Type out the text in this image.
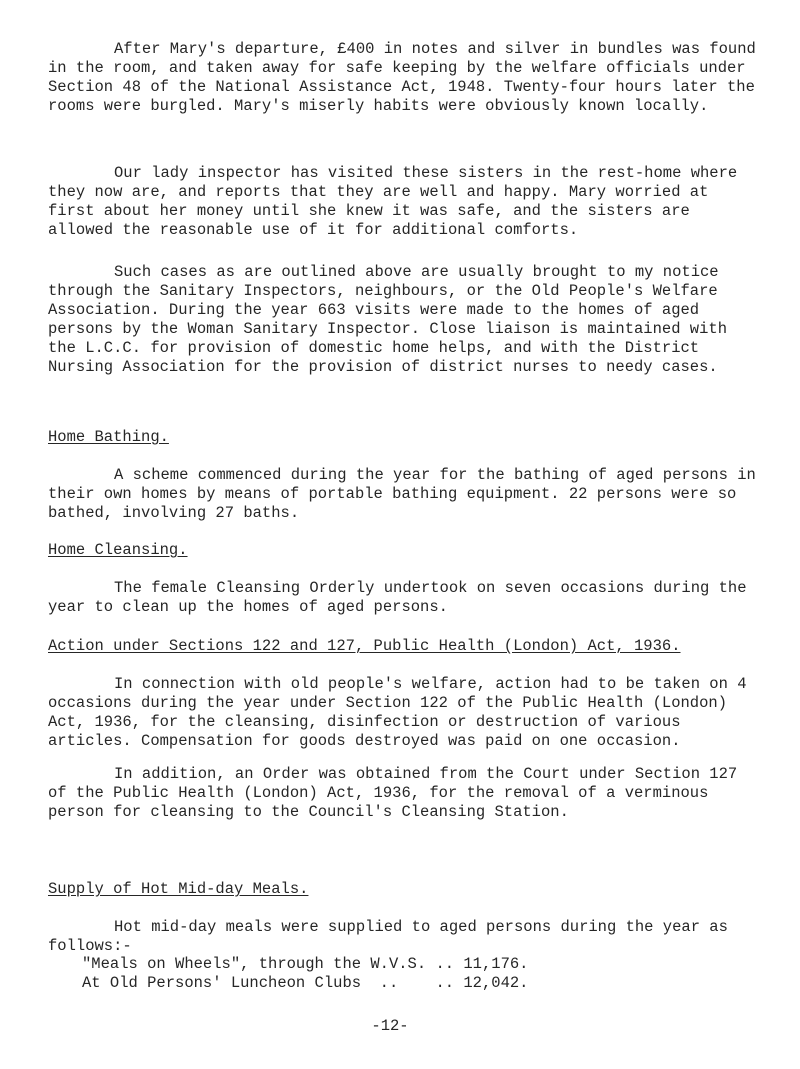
After Mary's departure, £400 in notes and silver in bundles was found in the room, and taken away for safe keeping by the welfare officials under Section 48 of the National Assistance Act, 1948. Twenty-four hours later the rooms were burgled. Mary's miserly habits were obviously known locally.

Our lady inspector has visited these sisters in the rest-home where they now are, and reports that they are well and happy. Mary worried at first about her money until she knew it was safe, and the sisters are allowed the reasonable use of it for additional comforts.

Such cases as are outlined above are usually brought to my notice through the Sanitary Inspectors, neighbours, or the Old People's Welfare Association. During the year 663 visits were made to the homes of aged persons by the Woman Sanitary Inspector. Close liaison is maintained with the L.C.C. for provision of domestic home helps, and with the District Nursing Association for the provision of district nurses to needy cases.

Home Bathing.

A scheme commenced during the year for the bathing of aged persons in their own homes by means of portable bathing equipment. 22 persons were so bathed, involving 27 baths.

Home Cleansing.

The female Cleansing Orderly undertook on seven occasions during the year to clean up the homes of aged persons.

Action under Sections 122 and 127, Public Health (London) Act, 1936.

In connection with old people's welfare, action had to be taken on 4 occasions during the year under Section 122 of the Public Health (London) Act, 1936, for the cleansing, disinfection or destruction of various articles. Compensation for goods destroyed was paid on one occasion.

In addition, an Order was obtained from the Court under Section 127 of the Public Health (London) Act, 1936, for the removal of a verminous person for cleansing to the Council's Cleansing Station.

Supply of Hot Mid-day Meals.

Hot mid-day meals were supplied to aged persons during the year as follows:-

"Meals on Wheels", through the W.V.S. .. 11,176.
At Old Persons' Luncheon Clubs ..    .. 12,042.
-12-
